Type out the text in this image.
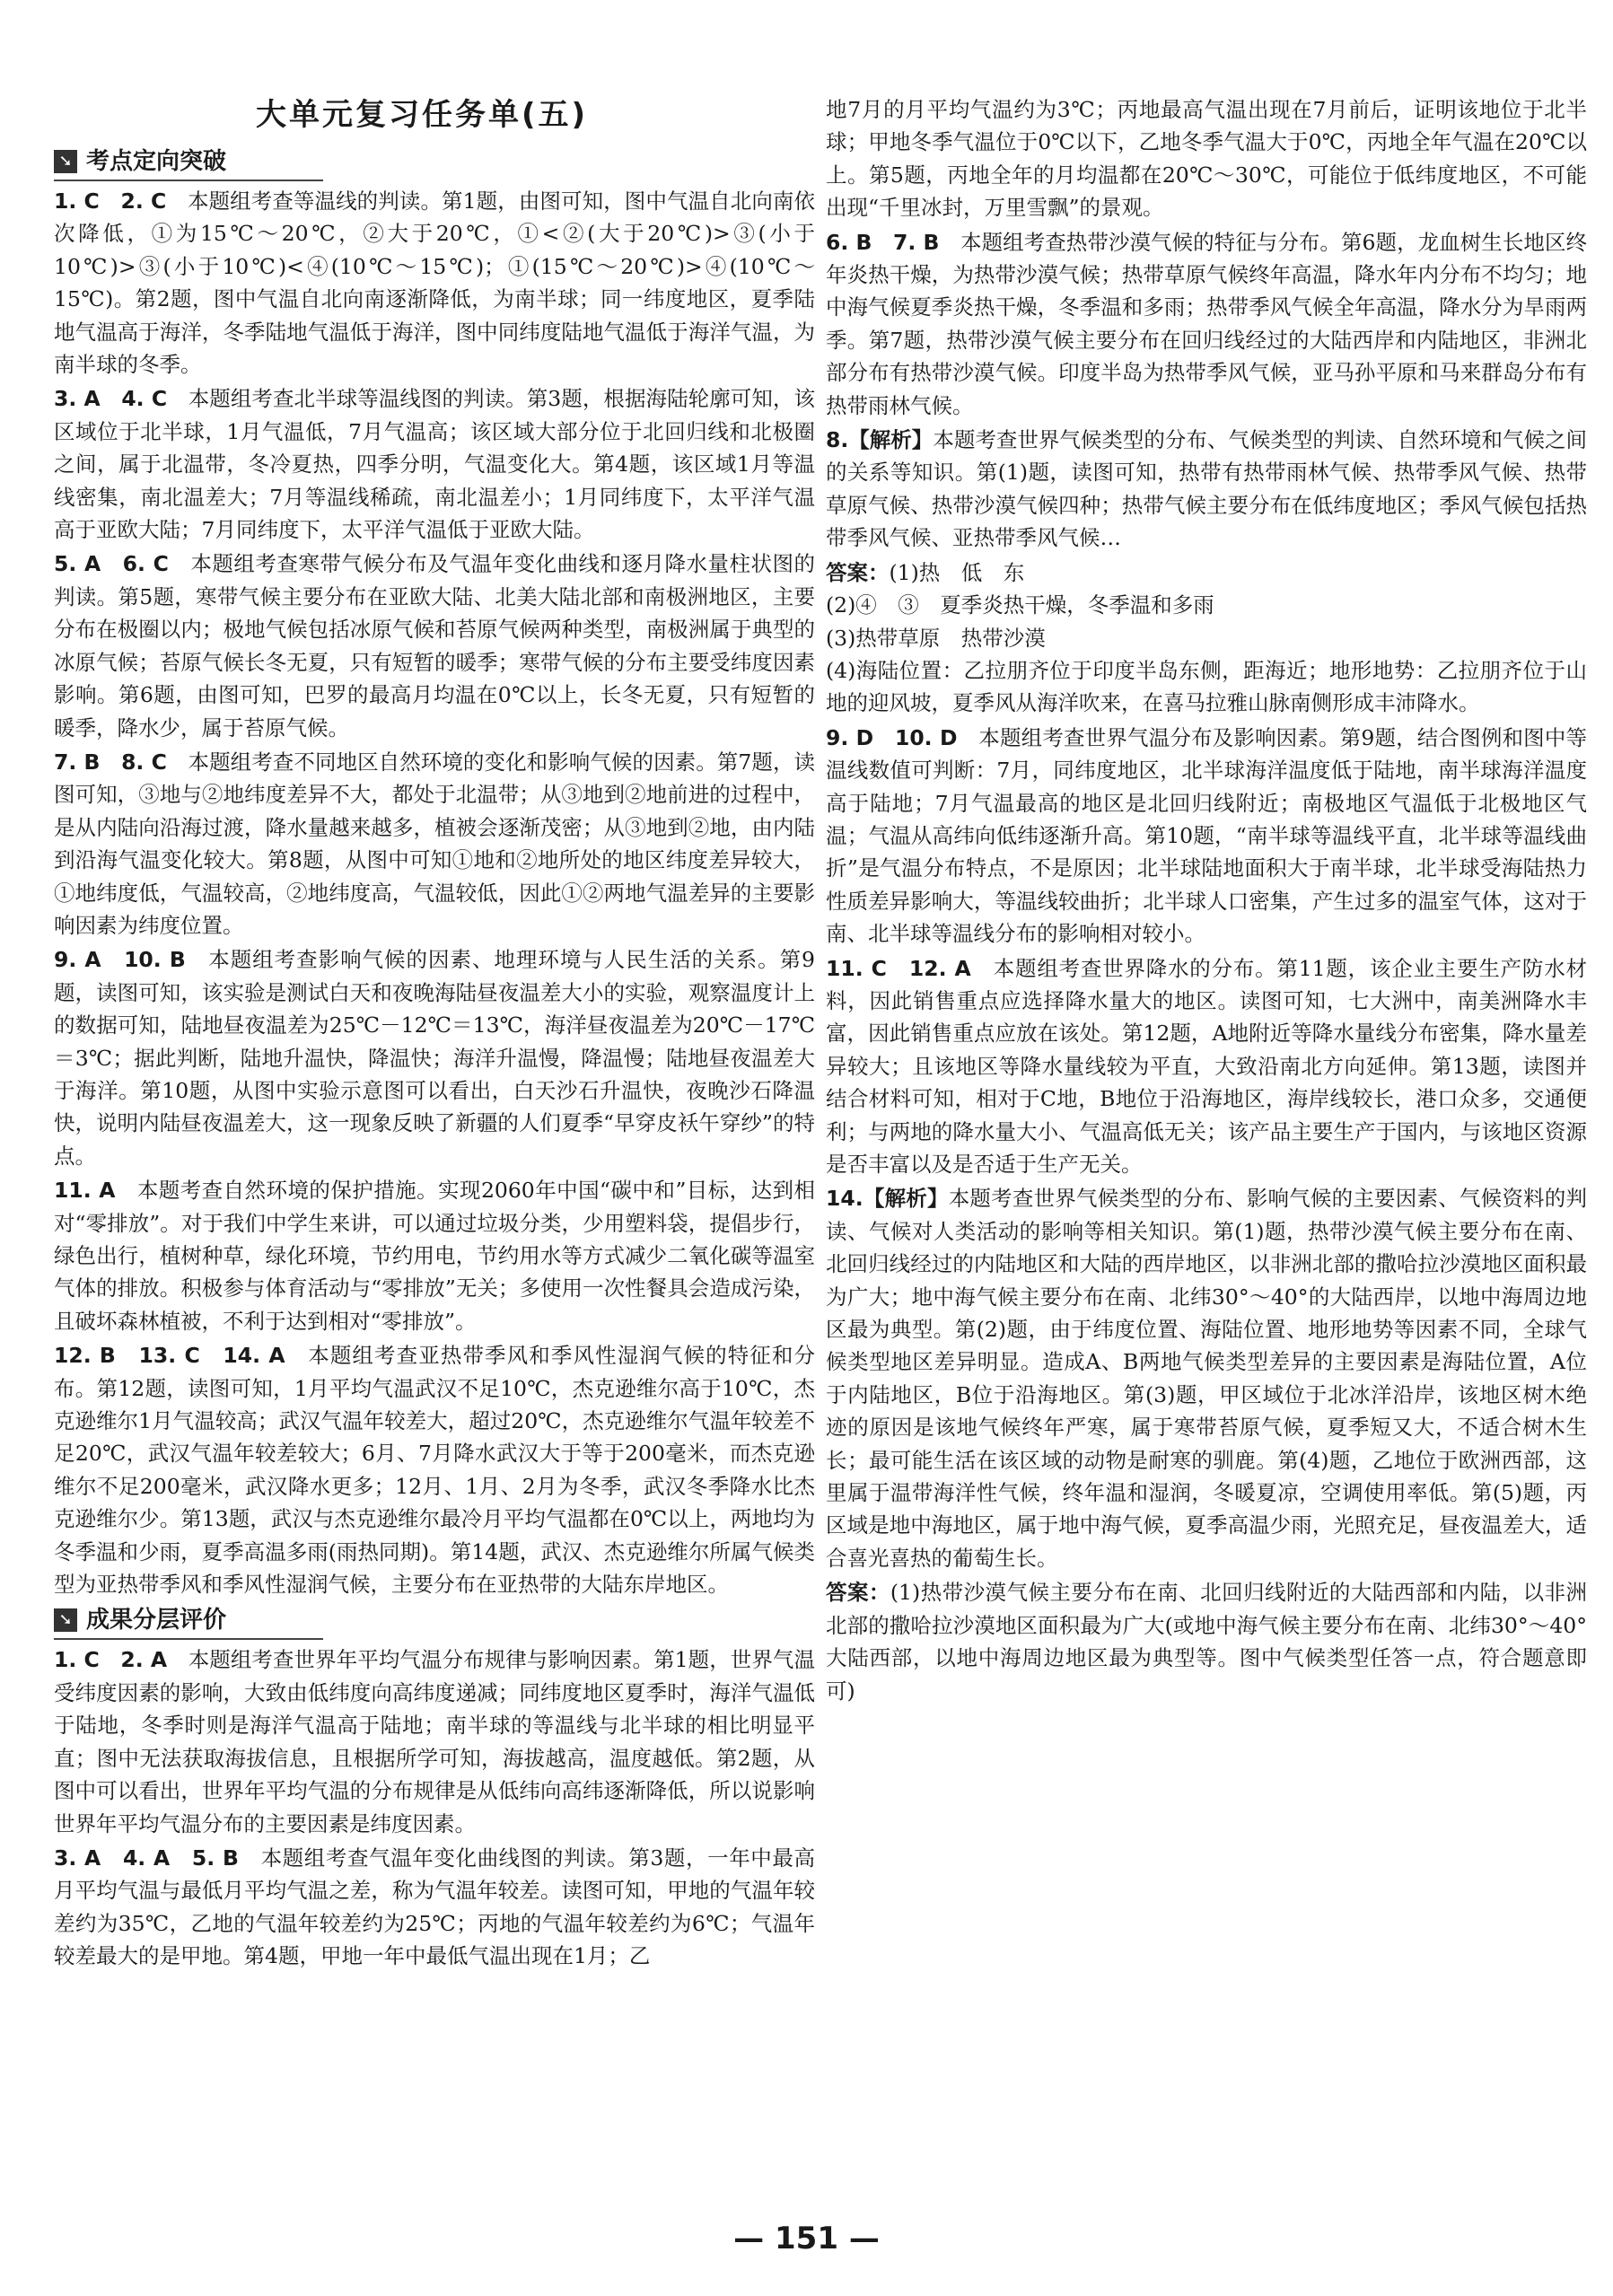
大单元复习任务单(五)
➘ 考点定向突破

1. C　2. C　本题组考查等温线的判读。第1题，由图可知，图中气温自北向南依次降低，①为15℃～20℃，②大于20℃，①<②(大于20℃)>③(小于10℃)>③(小于10℃)<④(10℃～15℃)；①(15℃～20℃)>④(10℃～15℃)。第2题，图中气温自北向南逐渐降低，为南半球；同一纬度地区，夏季陆地气温高于海洋，冬季陆地气温低于海洋，图中同纬度陆地气温低于海洋气温，为南半球的冬季。

3. A　4. C　本题组考查北半球等温线图的判读。第3题，根据海陆轮廓可知，该区域位于北半球，1月气温低，7月气温高；该区域大部分位于北回归线和北极圈之间，属于北温带，冬冷夏热，四季分明，气温变化大。第4题，该区域1月等温线密集，南北温差大；7月等温线稀疏，南北温差小；1月同纬度下，太平洋气温高于亚欧大陆；7月同纬度下，太平洋气温低于亚欧大陆。

5. A　6. C　本题组考查寒带气候分布及气温年变化曲线和逐月降水量柱状图的判读。第5题，寒带气候主要分布在亚欧大陆、北美大陆北部和南极洲地区，主要分布在极圈以内；极地气候包括冰原气候和苔原气候两种类型，南极洲属于典型的冰原气候；苔原气候长冬无夏，只有短暂的暖季；寒带气候的分布主要受纬度因素影响。第6题，由图可知，巴罗的最高月均温在0℃以上，长冬无夏，只有短暂的暖季，降水少，属于苔原气候。

7. B　8. C　本题组考查不同地区自然环境的变化和影响气候的因素。第7题，读图可知，③地与②地纬度差异不大，都处于北温带；从③地到②地前进的过程中，是从内陆向沿海过渡，降水量越来越多，植被会逐渐茂密；从③地到②地，由内陆到沿海气温变化较大。第8题，从图中可知①地和②地所处的地区纬度差异较大，①地纬度低，气温较高，②地纬度高，气温较低，因此①②两地气温差异的主要影响因素为纬度位置。

9. A　10. B　本题组考查影响气候的因素、地理环境与人民生活的关系。第9题，读图可知，该实验是测试白天和夜晚海陆昼夜温差大小的实验，观察温度计上的数据可知，陆地昼夜温差为25℃－12℃＝13℃，海洋昼夜温差为20℃－17℃＝3℃；据此判断，陆地升温快，降温快；海洋升温慢，降温慢；陆地昼夜温差大于海洋。第10题，从图中实验示意图可以看出，白天沙石升温快，夜晚沙石降温快，说明内陆昼夜温差大，这一现象反映了新疆的人们夏季“早穿皮袄午穿纱”的特点。

11. A　本题考查自然环境的保护措施。实现2060年中国“碳中和”目标，达到相对“零排放”。对于我们中学生来讲，可以通过垃圾分类，少用塑料袋，提倡步行，绿色出行，植树种草，绿化环境，节约用电，节约用水等方式减少二氧化碳等温室气体的排放。积极参与体育活动与“零排放”无关；多使用一次性餐具会造成污染，且破坏森林植被，不利于达到相对“零排放”。

12. B　13. C　14. A　本题组考查亚热带季风和季风性湿润气候的特征和分布。第12题，读图可知，1月平均气温武汉不足10℃，杰克逊维尔高于10℃，杰克逊维尔1月气温较高；武汉气温年较差大，超过20℃，杰克逊维尔气温年较差不足20℃，武汉气温年较差较大；6月、7月降水武汉大于等于200毫米，而杰克逊维尔不足200毫米，武汉降水更多；12月、1月、2月为冬季，武汉冬季降水比杰克逊维尔少。第13题，武汉与杰克逊维尔最冷月平均气温都在0℃以上，两地均为冬季温和少雨，夏季高温多雨(雨热同期)。第14题，武汉、杰克逊维尔所属气候类型为亚热带季风和季风性湿润气候，主要分布在亚热带的大陆东岸地区。

➘ 成果分层评价

1. C　2. A　本题组考查世界年平均气温分布规律与影响因素。第1题，世界气温受纬度因素的影响，大致由低纬度向高纬度递减；同纬度地区夏季时，海洋气温低于陆地，冬季时则是海洋气温高于陆地；南半球的等温线与北半球的相比明显平直；图中无法获取海拔信息，且根据所学可知，海拔越高，温度越低。第2题，从图中可以看出，世界年平均气温的分布规律是从低纬向高纬逐渐降低，所以说影响世界年平均气温分布的主要因素是纬度因素。

3. A　4. A　5. B　本题组考查气温年变化曲线图的判读。第3题，一年中最高月平均气温与最低月平均气温之差，称为气温年较差。读图可知，甲地的气温年较差约为35℃，乙地的气温年较差约为25℃；丙地的气温年较差约为6℃；气温年较差最大的是甲地。第4题，甲地一年中最低气温出现在1月；乙

地7月的月平均气温约为3℃；丙地最高气温出现在7月前后，证明该地位于北半球；甲地冬季气温位于0℃以下，乙地冬季气温大于0℃，丙地全年气温在20℃以上。第5题，丙地全年的月均温都在20℃～30℃，可能位于低纬度地区，不可能出现“千里冰封，万里雪飘”的景观。

6. B　7. B　本题组考查热带沙漠气候的特征与分布。第6题，龙血树生长地区终年炎热干燥，为热带沙漠气候；热带草原气候终年高温，降水年内分布不均匀；地中海气候夏季炎热干燥，冬季温和多雨；热带季风气候全年高温，降水分为旱雨两季。第7题，热带沙漠气候主要分布在回归线经过的大陆西岸和内陆地区，非洲北部分布有热带沙漠气候。印度半岛为热带季风气候，亚马孙平原和马来群岛分布有热带雨林气候。

8.【解析】本题考查世界气候类型的分布、气候类型的判读、自然环境和气候之间的关系等知识。第(1)题，读图可知，热带有热带雨林气候、热带季风气候、热带草原气候、热带沙漠气候四种；热带气候主要分布在低纬度地区；季风气候包括热带季风气候、亚热带季风气候…

答案：(1)热　低　东
(2)④　③　夏季炎热干燥，冬季温和多雨
(3)热带草原　热带沙漠
(4)海陆位置：乙拉朋齐位于印度半岛东侧，距海近；地形地势：乙拉朋齐位于山地的迎风坡，夏季风从海洋吹来，在喜马拉雅山脉南侧形成丰沛降水。

9. D　10. D　本题组考查世界气温分布及影响因素。第9题，结合图例和图中等温线数值可判断：7月，同纬度地区，北半球海洋温度低于陆地，南半球海洋温度高于陆地；7月气温最高的地区是北回归线附近；南极地区气温低于北极地区气温；气温从高纬向低纬逐渐升高。第10题，“南半球等温线平直，北半球等温线曲折”是气温分布特点，不是原因；北半球陆地面积大于南半球，北半球受海陆热力性质差异影响大，等温线较曲折；北半球人口密集，产生过多的温室气体，这对于南、北半球等温线分布的影响相对较小。

11. C　12. A　本题组考查世界降水的分布。第11题，该企业主要生产防水材料，因此销售重点应选择降水量大的地区。读图可知，七大洲中，南美洲降水丰富，因此销售重点应放在该处。第12题，A地附近等降水量线分布密集，降水量差异较大；且该地区等降水量线较为平直，大致沿南北方向延伸。第13题，读图并结合材料可知，相对于C地，B地位于沿海地区，海岸线较长，港口众多，交通便利；与两地的降水量大小、气温高低无关；该产品主要生产于国内，与该地区资源是否丰富以及是否适于生产无关。

14.【解析】本题考查世界气候类型的分布、影响气候的主要因素、气候资料的判读、气候对人类活动的影响等相关知识。第(1)题，热带沙漠气候主要分布在南、北回归线经过的内陆地区和大陆的西岸地区，以非洲北部的撒哈拉沙漠地区面积最为广大；地中海气候主要分布在南、北纬30°～40°的大陆西岸，以地中海周边地区最为典型。第(2)题，由于纬度位置、海陆位置、地形地势等因素不同，全球气候类型地区差异明显。造成A、B两地气候类型差异的主要因素是海陆位置，A位于内陆地区，B位于沿海地区。第(3)题，甲区域位于北冰洋沿岸，该地区树木绝迹的原因是该地气候终年严寒，属于寒带苔原气候，夏季短又大，不适合树木生长；最可能生活在该区域的动物是耐寒的驯鹿。第(4)题，乙地位于欧洲西部，这里属于温带海洋性气候，终年温和湿润，冬暖夏凉，空调使用率低。第(5)题，丙区域是地中海地区，属于地中海气候，夏季高温少雨，光照充足，昼夜温差大，适合喜光喜热的葡萄生长。

答案：(1)热带沙漠气候主要分布在南、北回归线附近的大陆西部和内陆，以非洲北部的撒哈拉沙漠地区面积最为广大(或地中海气候主要分布在南、北纬30°～40°大陆西部，以地中海周边地区最为典型等。图中气候类型任答一点，符合题意即可)
— 151 —
